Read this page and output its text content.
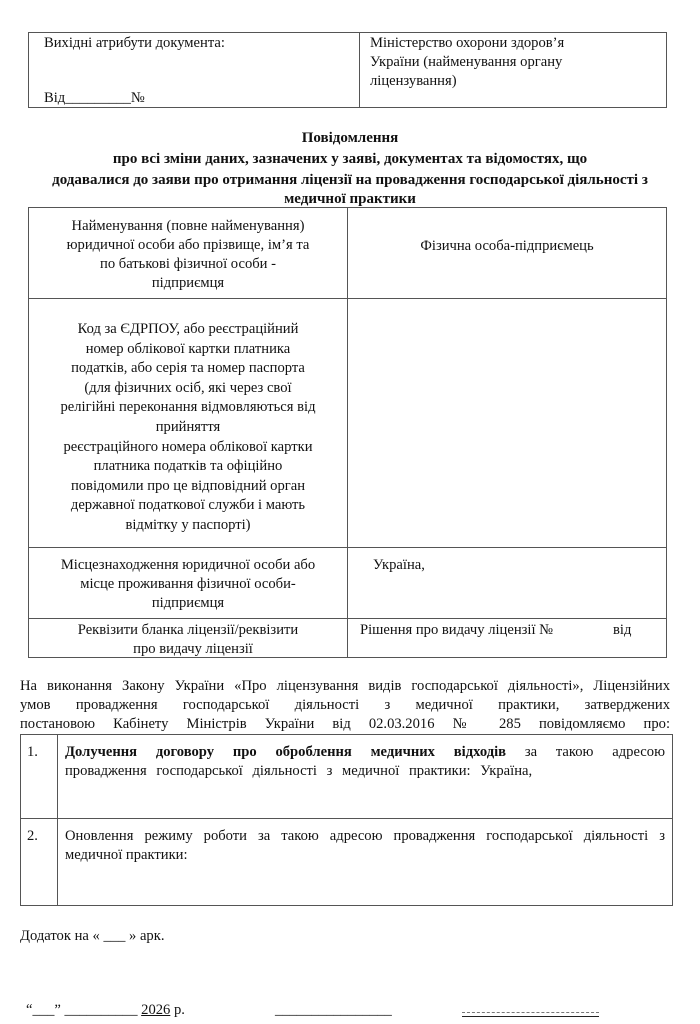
Вихідні атрибути документа:
Від_________№
Міністерство охорони здоров’я
України (найменування органу
ліцензування)
Повідомлення
про всі зміни даних, зазначених у заяві, документах та відомостях, що
додавалися до заяви про отримання ліцензії на провадження господарської діяльності з
медичної практики
Найменування (повне найменування)
юридичної особи або прізвище, ім’я та
по батькові фізичної особи -
підприємця
Фізична особа-підприємець
Код за ЄДРПОУ, або реєстраційний
номер облікової картки платника
податків, або серія та номер паспорта
(для фізичних осіб, які через свої
релігійні переконання відмовляються від
прийняття
реєстраційного номера облікової картки
платника податків та офіційно
повідомили про це відповідний орган
державної податкової служби і мають
відмітку у паспорті)
Місцезнаходження юридичної особи або
місце проживання фізичної особи-
підприємця
Україна,
Реквізити бланка ліцензії/реквізити
про видачу ліцензії
Рішення про видачу ліцензії №	від
На виконання Закону України «Про ліцензування видів господарської діяльності», Ліцензійних
умов провадження господарської діяльності з медичної практики, затверджених
постановою Кабінету Міністрів України від 02.03.2016 № 285 повідомляємо про:
1. Долучення договору про оброблення медичних відходів за такою адресою
провадження господарської діяльності з медичної практики: Україна,
2. Оновлення режиму роботи за такою адресою провадження господарської діяльності з
медичної практики:
Додаток на « ___ » арк.
“___” __________ 2026 р.	________________
